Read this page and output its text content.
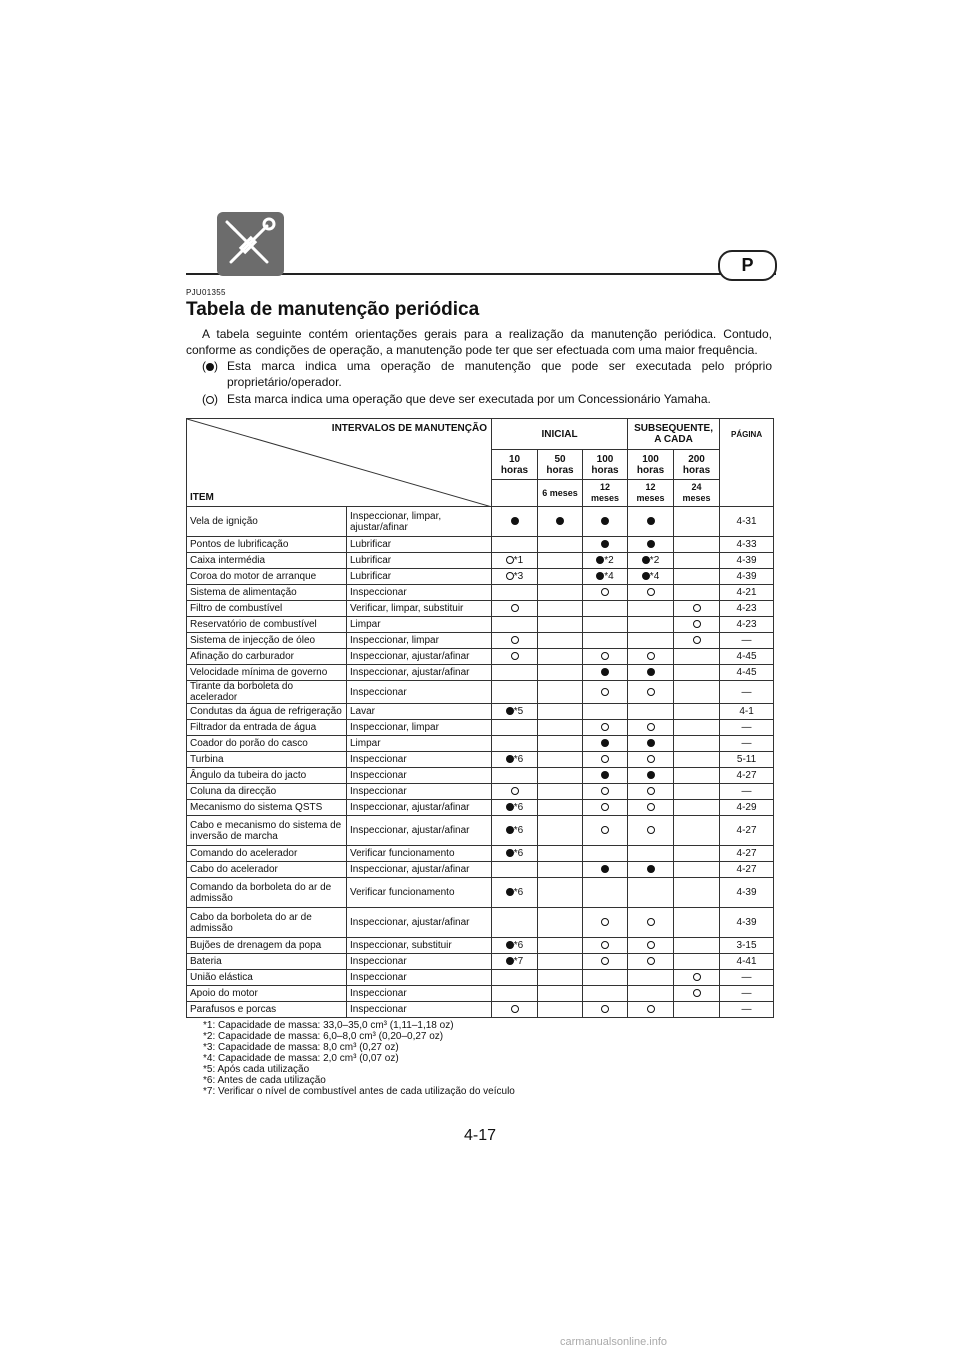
P
PJU01355
Tabela de manutenção periódica
A tabela seguinte contém orientações gerais para a realização da manutenção periódica. Contudo, conforme as condições de operação, a manutenção pode ter que ser efectuada com uma maior frequência.
( ) Esta marca indica uma operação de manutenção que pode ser executada pelo próprio proprietário/operador.
( ) Esta marca indica uma operação que deve ser executada por um Concessionário Yamaha.
INTERVALOS DE MANUTENÇÃO
ITEM		INICIAL			SUBSEQUENTE, A CADA		PÁGINA
		10 horas	50 horas	100 horas	100 horas	200 horas	
			6 meses	12 meses	12 meses	24 meses	
Vela de ignição	Inspeccionar, limpar, ajustar/afinar						4-31
Pontos de lubrificação	Lubrificar						4-33
Caixa intermédia	Lubrificar	*1		*2	*2		4-39
Coroa do motor de arranque	Lubrificar	*3		*4	*4		4-39
Sistema de alimentação	Inspeccionar						4-21
Filtro de combustível	Verificar, limpar, substituir						4-23
Reservatório de combustível	Limpar						4-23
Sistema de injecção de óleo	Inspeccionar, limpar						—
Afinação do carburador	Inspeccionar, ajustar/afinar						4-45
Velocidade mínima de governo	Inspeccionar, ajustar/afinar						4-45
Tirante da borboleta do acelerador	Inspeccionar						—
Condutas da água de refrigeração	Lavar	*5					4-1
Filtrador da entrada de água	Inspeccionar, limpar						—
Coador do porão do casco	Limpar						—
Turbina	Inspeccionar	*6					5-11
Ângulo da tubeira do jacto	Inspeccionar						4-27
Coluna da direcção	Inspeccionar						—
Mecanismo do sistema QSTS	Inspeccionar, ajustar/afinar	*6					4-29
Cabo e mecanismo do sistema de inversão de marcha	Inspeccionar, ajustar/afinar	*6					4-27
Comando do acelerador	Verificar funcionamento	*6					4-27
Cabo do acelerador	Inspeccionar, ajustar/afinar						4-27
Comando da borboleta do ar de admissão	Verificar funcionamento	*6					4-39
Cabo da borboleta do ar de admissão	Inspeccionar, ajustar/afinar						4-39
Bujões de drenagem da popa	Inspeccionar, substituir	*6					3-15
Bateria	Inspeccionar	*7					4-41
União elástica	Inspeccionar						—
Apoio do motor	Inspeccionar						—
Parafusos e porcas	Inspeccionar						—
*1: Capacidade de massa: 33,0–35,0 cm³ (1,11–1,18 oz)
*2: Capacidade de massa: 6,0–8,0 cm³ (0,20–0,27 oz)
*3: Capacidade de massa: 8,0 cm³ (0,27 oz)
*4: Capacidade de massa: 2,0 cm³ (0,07 oz)
*5: Após cada utilização
*6: Antes de cada utilização
*7: Verificar o nível de combustível antes de cada utilização do veículo
4-17
carmanualsonline.info
